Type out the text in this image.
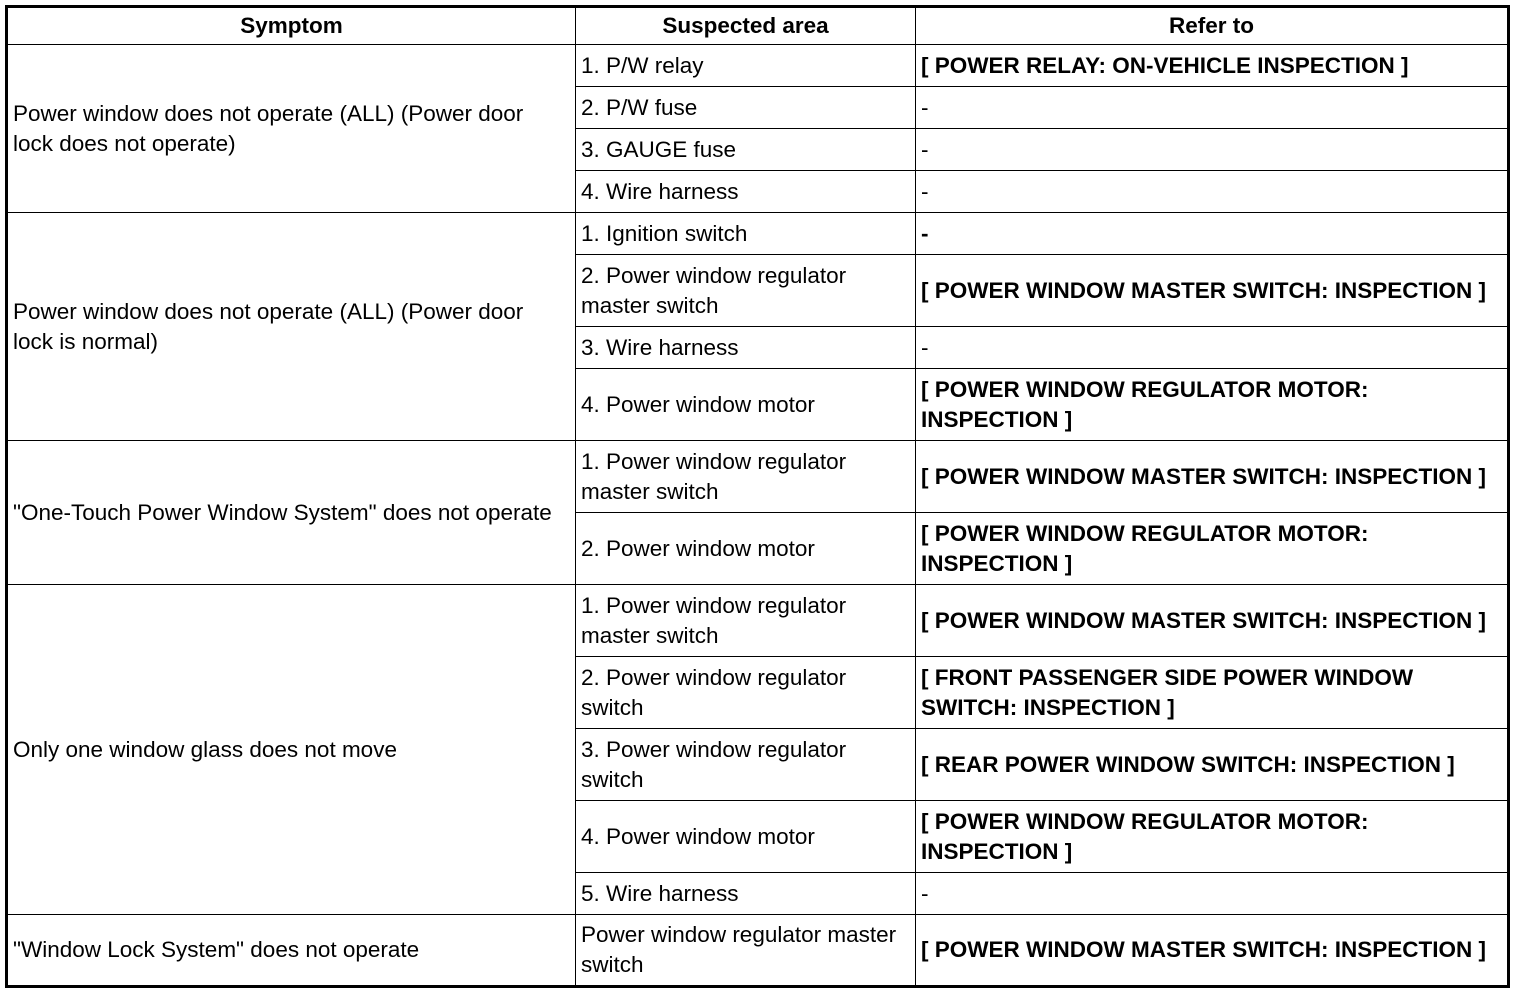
Symptom	Suspected area	Refer to
Power window does not operate (ALL) (Power door lock does not operate)	1. P/W relay	[ POWER RELAY: ON-VEHICLE INSPECTION ]
	2. P/W fuse	-
	3. GAUGE fuse	-
	4. Wire harness	-
Power window does not operate (ALL) (Power door lock is normal)	1. Ignition switch	-
	2. Power window regulator master switch	[ POWER WINDOW MASTER SWITCH: INSPECTION ]
	3. Wire harness	-
	4. Power window motor	[ POWER WINDOW REGULATOR MOTOR: INSPECTION ]
"One-Touch Power Window System" does not operate	1. Power window regulator master switch	[ POWER WINDOW MASTER SWITCH: INSPECTION ]
	2. Power window motor	[ POWER WINDOW REGULATOR MOTOR: INSPECTION ]
Only one window glass does not move	1. Power window regulator master switch	[ POWER WINDOW MASTER SWITCH: INSPECTION ]
	2. Power window regulator switch	[ FRONT PASSENGER SIDE POWER WINDOW SWITCH: INSPECTION ]
	3. Power window regulator switch	[ REAR POWER WINDOW SWITCH: INSPECTION ]
	4. Power window motor	[ POWER WINDOW REGULATOR MOTOR: INSPECTION ]
	5. Wire harness	-
"Window Lock System" does not operate	Power window regulator master switch	[ POWER WINDOW MASTER SWITCH: INSPECTION ]
